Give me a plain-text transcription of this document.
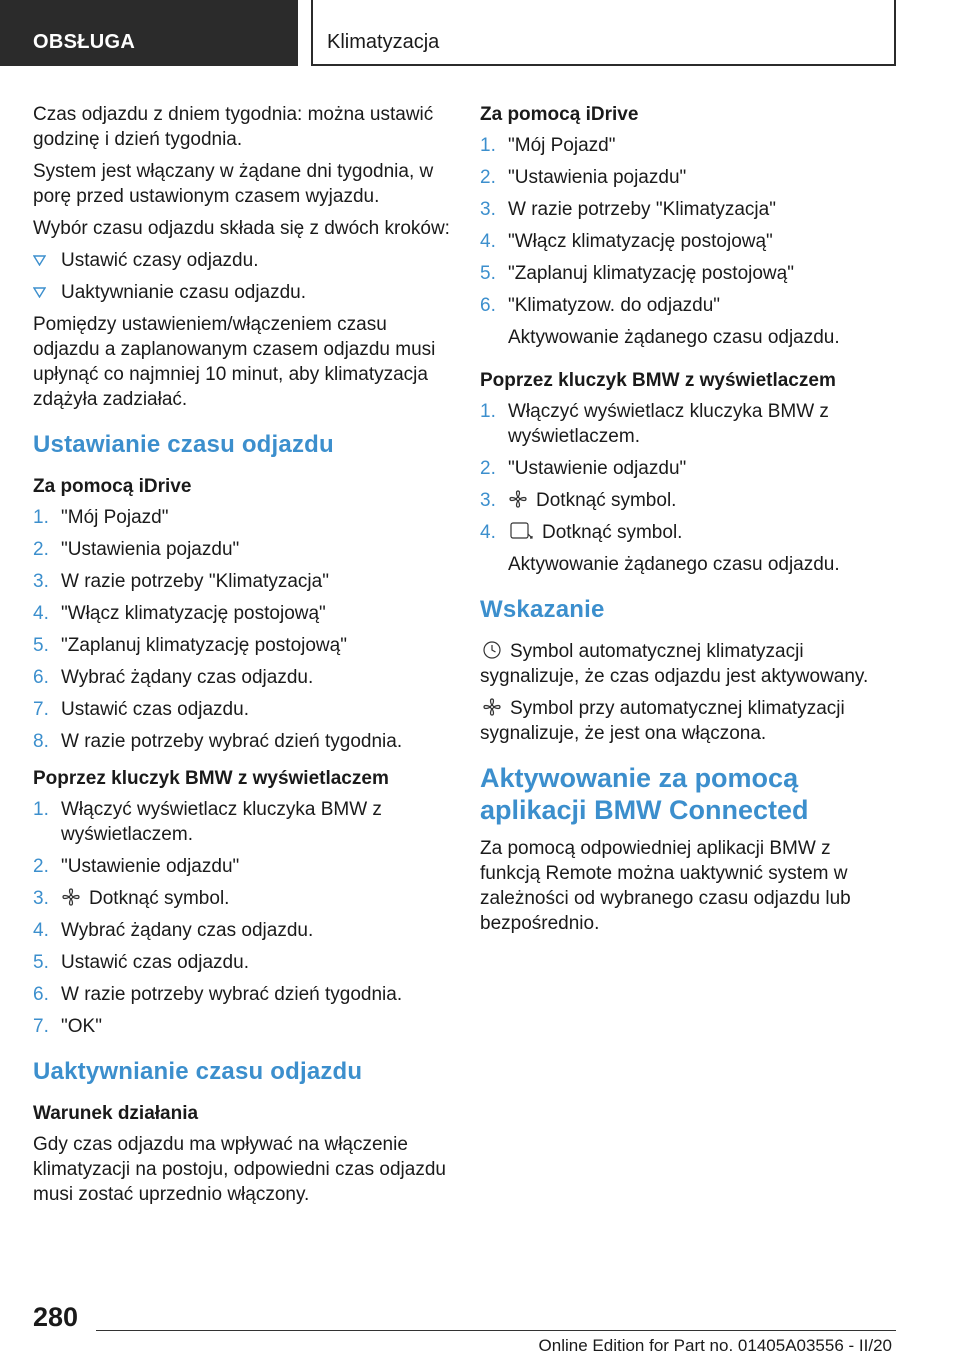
OBSŁUGA	Klimatyzacja

Czas odjazdu z dniem tygodnia: można ustawić godzinę i dzień tygodnia.

System jest włączany w żądane dni tygodnia, w porę przed ustawionym czasem wyjazdu.

Wybór czasu odjazdu składa się z dwóch kroków:

Ustawić czasy odjazdu.
Uaktywnianie czasu odjazdu.

Pomiędzy ustawieniem/włączeniem czasu odjazdu a zaplanowanym czasem odjazdu musi upłynąć co najmniej 10 minut, aby klimatyzacja zdążyła zadziałać.

Ustawianie czasu odjazdu
Za pomocą iDrive
1. "Mój Pojazd"
2. "Ustawienia pojazdu"
3. W razie potrzeby "Klimatyzacja"
4. "Włącz klimatyzację postojową"
5. "Zaplanuj klimatyzację postojową"
6. Wybrać żądany czas odjazdu.
7. Ustawić czas odjazdu.
8. W razie potrzeby wybrać dzień tygodnia.
Poprzez kluczyk BMW z wyświetlaczem
1. Włączyć wyświetlacz kluczyka BMW z wyświetlaczem.
2. "Ustawienie odjazdu"
3. Dotknąć symbol.
4. Wybrać żądany czas odjazdu.
5. Ustawić czas odjazdu.
6. W razie potrzeby wybrać dzień tygodnia.
7. "OK"
Uaktywnianie czasu odjazdu
Warunek działania

Gdy czas odjazdu ma wpływać na włączenie klimatyzacji na postoju, odpowiedni czas odjazdu musi zostać uprzednio włączony.

Za pomocą iDrive
1. "Mój Pojazd"
2. "Ustawienia pojazdu"
3. W razie potrzeby "Klimatyzacja"
4. "Włącz klimatyzację postojową"
5. "Zaplanuj klimatyzację postojową"
6. "Klimatyzow. do odjazdu"
Aktywowanie żądanego czasu odjazdu.
Poprzez kluczyk BMW z wyświetlaczem
1. Włączyć wyświetlacz kluczyka BMW z wyświetlaczem.
2. "Ustawienie odjazdu"
3. Dotknąć symbol.
4. Dotknąć symbol.
Aktywowanie żądanego czasu odjazdu.
Wskazanie

Symbol automatycznej klimatyzacji sygnalizuje, że czas odjazdu jest aktywowany.

Symbol przy automatycznej klimatyzacji sygnalizuje, że jest ona włączona.

Aktywowanie za pomocą aplikacji BMW Connected

Za pomocą odpowiedniej aplikacji BMW z funkcją Remote można uaktywnić system w zależności od wybranego czasu odjazdu lub bezpośrednio.

280
Online Edition for Part no. 01405A03556 - II/20
